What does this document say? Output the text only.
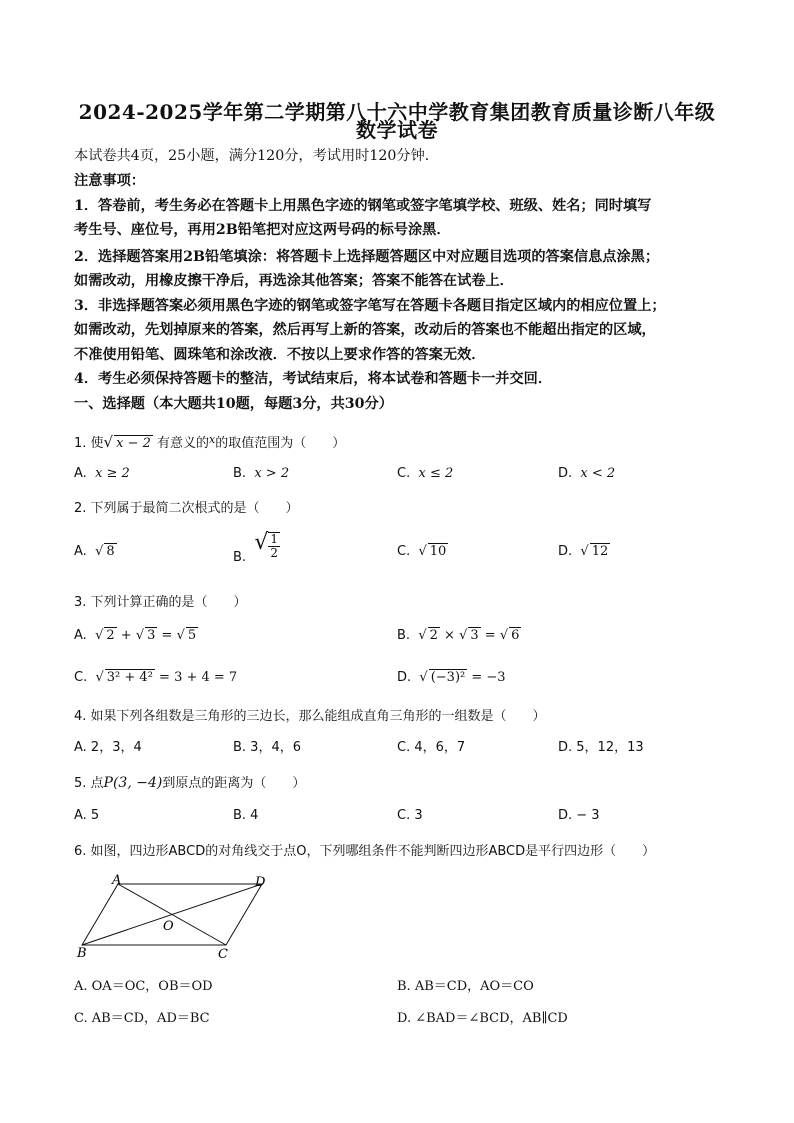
2024-2025学年第二学期第八十六中学教育集团教育质量诊断八年级
数学试卷
本试卷共4页，25小题，满分120分，考试用时120分钟．
注意事项：
1．答卷前，考生务必在答题卡上用黑色字迹的钢笔或签字笔填学校、班级、姓名；同时填写
考生号、座位号，再用2B铅笔把对应这两号码的标号涂黑．
2．选择题答案用2B铅笔填涂：将答题卡上选择题答题区中对应题目选项的答案信息点涂黑；
如需改动，用橡皮擦干净后，再选涂其他答案；答案不能答在试卷上．
3．非选择题答案必须用黑色字迹的钢笔或签字笔写在答题卡各题目指定区域内的相应位置上；
如需改动，先划掉原来的答案，然后再写上新的答案，改动后的答案也不能超出指定的区域，
不准使用铅笔、圆珠笔和涂改液．不按以上要求作答的答案无效．
4．考生必须保持答题卡的整洁，考试结束后，将本试卷和答题卡一并交回．
一、选择题（本大题共10题，每题3分，共30分）
1. 使√ x − 2 有意义的$^x$的取值范围为（　　）
A. x ≥ 2	B. x > 2	C. x ≤ 2	D. x < 2
2. 下列属于最简二次根式的是（　　）
A. √ 8	B.  √ $\frac{1}{2}$	C. √ 10	D. √ 12
3. 下列计算正确的是（　　）
A. √ 2 + √ 3 = √ 5	B. √ 2 × √ 3 = √ 6
C. √ 3² + 4² = 3 + 4 = 7	D. √ (−3)² = −3
4. 如果下列各组数是三角形的三边长，那么能组成直角三角形的一组数是（　　）
A. 2，3，4	B. 3，4，6	C. 4，6，7	D. 5，12，13
5. 点P(3, −4)到原点的距离为（　　）
A. 5	B. 4	C. 3	D. − 3
6. 如图，四边形ABCD的对角线交于点O，下列哪组条件不能判断四边形ABCD是平行四边形（　　）
A	D
B	C
O
A. OA＝OC，OB＝OD	B. AB＝CD，AO＝CO
C. AB＝CD，AD＝BC	D. ∠BAD＝∠BCD，AB∥CD
